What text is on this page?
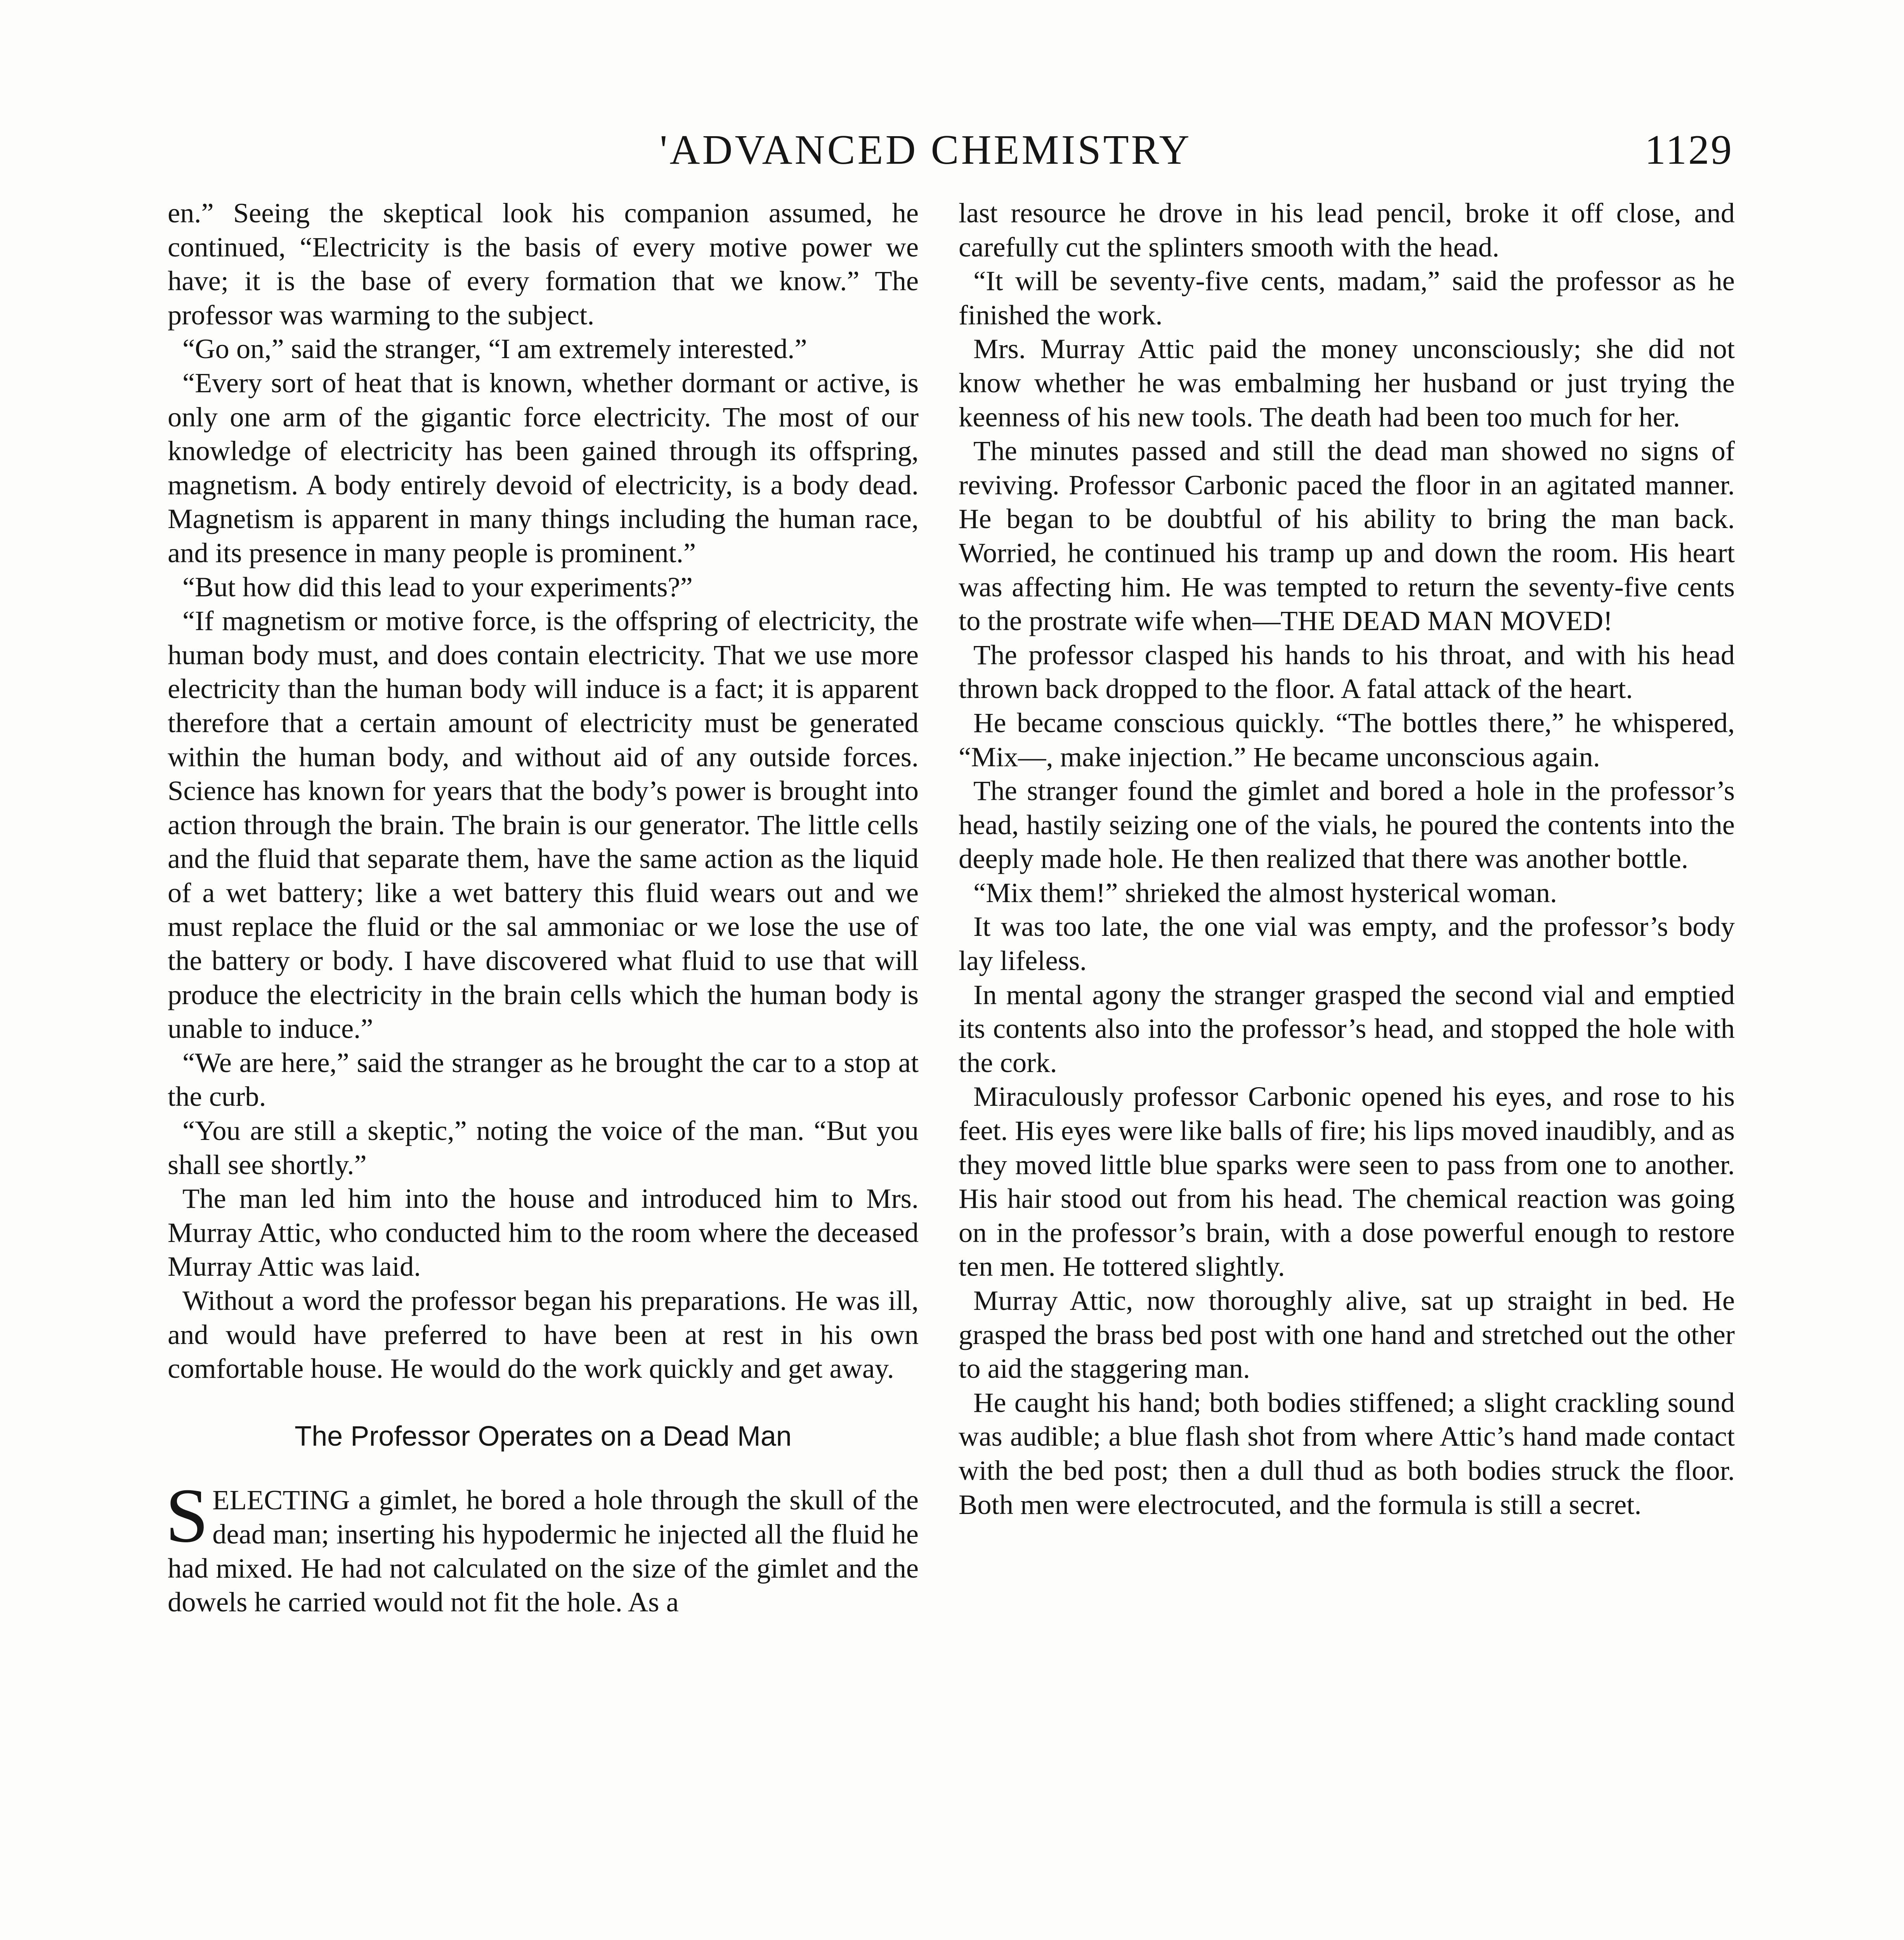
'ADVANCED CHEMISTRY	1129

en.” Seeing the skeptical look his companion assumed, he continued, “Electricity is the basis of every motive power we have; it is the base of every formation that we know.” The professor was warming to the subject.

“Go on,” said the stranger, “I am extremely interested.”

“Every sort of heat that is known, whether dormant or active, is only one arm of the gigantic force electricity. The most of our knowledge of electricity has been gained through its offspring, magnetism. A body entirely devoid of electricity, is a body dead. Magnetism is apparent in many things including the human race, and its presence in many people is prominent.”

“But how did this lead to your experiments?”

“If magnetism or motive force, is the offspring of electricity, the human body must, and does contain electricity. That we use more electricity than the human body will induce is a fact; it is apparent therefore that a certain amount of electricity must be generated within the human body, and without aid of any outside forces. Science has known for years that the body’s power is brought into action through the brain. The brain is our generator. The little cells and the fluid that separate them, have the same action as the liquid of a wet battery; like a wet battery this fluid wears out and we must replace the fluid or the sal ammoniac or we lose the use of the battery or body. I have discovered what fluid to use that will produce the electricity in the brain cells which the human body is unable to induce.”

“We are here,” said the stranger as he brought the car to a stop at the curb.

“You are still a skeptic,” noting the voice of the man. “But you shall see shortly.”

The man led him into the house and introduced him to Mrs. Murray Attic, who conducted him to the room where the deceased Murray Attic was laid.

Without a word the professor began his preparations. He was ill, and would have preferred to have been at rest in his own comfortable house. He would do the work quickly and get away.

The Professor Operates on a Dead Man

SELECTING a gimlet, he bored a hole through the skull of the dead man; inserting his hypodermic he injected all the fluid he had mixed. He had not calculated on the size of the gimlet and the dowels he carried would not fit the hole. As a

last resource he drove in his lead pencil, broke it off close, and carefully cut the splinters smooth with the head.

“It will be seventy-five cents, madam,” said the professor as he finished the work.

Mrs. Murray Attic paid the money unconsciously; she did not know whether he was embalming her husband or just trying the keenness of his new tools. The death had been too much for her.

The minutes passed and still the dead man showed no signs of reviving. Professor Carbonic paced the floor in an agitated manner. He began to be doubtful of his ability to bring the man back. Worried, he continued his tramp up and down the room. His heart was affecting him. He was tempted to return the seventy-five cents to the prostrate wife when—THE DEAD MAN MOVED!

The professor clasped his hands to his throat, and with his head thrown back dropped to the floor. A fatal attack of the heart.

He became conscious quickly. “The bottles there,” he whispered, “Mix—, make injection.” He became unconscious again.

The stranger found the gimlet and bored a hole in the professor’s head, hastily seizing one of the vials, he poured the contents into the deeply made hole. He then realized that there was another bottle.

“Mix them!” shrieked the almost hysterical woman.

It was too late, the one vial was empty, and the professor’s body lay lifeless.

In mental agony the stranger grasped the second vial and emptied its contents also into the professor’s head, and stopped the hole with the cork.

Miraculously professor Carbonic opened his eyes, and rose to his feet. His eyes were like balls of fire; his lips moved inaudibly, and as they moved little blue sparks were seen to pass from one to another. His hair stood out from his head. The chemical reaction was going on in the professor’s brain, with a dose powerful enough to restore ten men. He tottered slightly.

Murray Attic, now thoroughly alive, sat up straight in bed. He grasped the brass bed post with one hand and stretched out the other to aid the staggering man.

He caught his hand; both bodies stiffened; a slight crackling sound was audible; a blue flash shot from where Attic’s hand made contact with the bed post; then a dull thud as both bodies struck the floor. Both men were electrocuted, and the formula is still a secret.
